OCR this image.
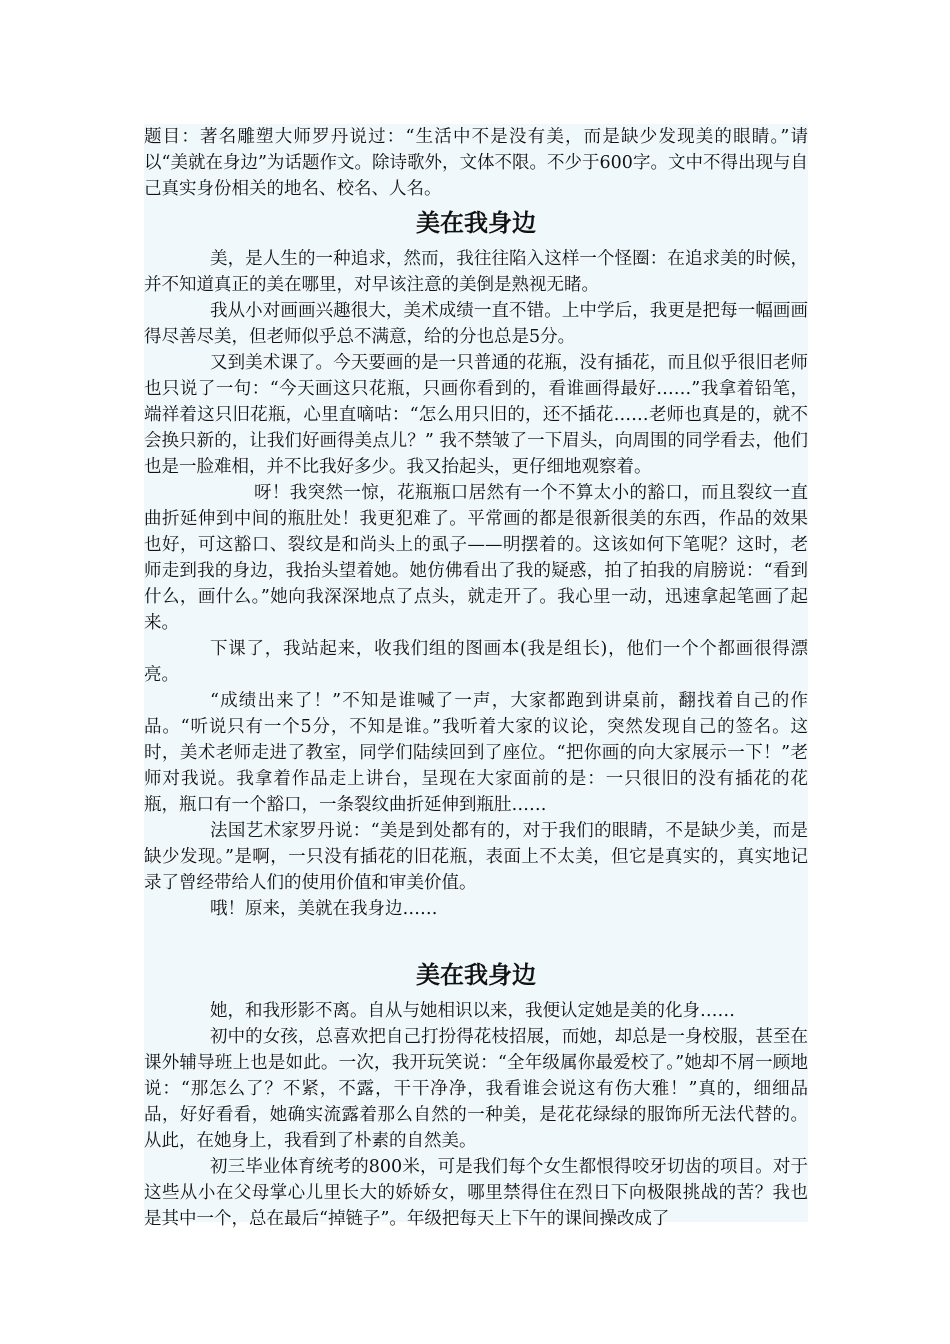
题目：著名雕塑大师罗丹说过：“生活中不是没有美，而是缺少发现美的眼睛。”请以“美就在身边”为话题作文。除诗歌外，文体不限。不少于600字。文中不得出现与自己真实身份相关的地名、校名、人名。

美在我身边

美，是人生的一种追求，然而，我往往陷入这样一个怪圈：在追求美的时候，并不知道真正的美在哪里，对早该注意的美倒是熟视无睹。

我从小对画画兴趣很大，美术成绩一直不错。上中学后，我更是把每一幅画画得尽善尽美，但老师似乎总不满意，给的分也总是5分。

又到美术课了。今天要画的是一只普通的花瓶，没有插花，而且似乎很旧老师也只说了一句：“今天画这只花瓶，只画你看到的，看谁画得最好……”我拿着铅笔，端祥着这只旧花瓶，心里直嘀咕：“怎么用只旧的，还不插花……老师也真是的，就不会换只新的，让我们好画得美点儿？” 我不禁皱了一下眉头，向周围的同学看去，他们也是一脸难相，并不比我好多少。我又抬起头，更仔细地观察着。

呀！我突然一惊，花瓶瓶口居然有一个不算太小的豁口，而且裂纹一直曲折延伸到中间的瓶肚处！我更犯难了。平常画的都是很新很美的东西，作品的效果也好，可这豁口、裂纹是和尚头上的虱子——明摆着的。这该如何下笔呢？这时，老师走到我的身边，我抬头望着她。她仿佛看出了我的疑惑，拍了拍我的肩膀说：“看到什么，画什么。”她向我深深地点了点头，就走开了。我心里一动，迅速拿起笔画了起来。

下课了，我站起来，收我们组的图画本(我是组长)，他们一个个都画很得漂亮。

“成绩出来了！”不知是谁喊了一声，大家都跑到讲桌前，翻找着自己的作品。“听说只有一个5分，不知是谁。”我听着大家的议论，突然发现自己的签名。这时，美术老师走进了教室，同学们陆续回到了座位。“把你画的向大家展示一下！”老师对我说。我拿着作品走上讲台，呈现在大家面前的是：一只很旧的没有插花的花瓶，瓶口有一个豁口，一条裂纹曲折延伸到瓶肚……

法国艺术家罗丹说：“美是到处都有的，对于我们的眼睛，不是缺少美，而是缺少发现。”是啊，一只没有插花的旧花瓶，表面上不太美，但它是真实的，真实地记录了曾经带给人们的使用价值和审美价值。

哦！原来，美就在我身边……

美在我身边

她，和我形影不离。自从与她相识以来，我便认定她是美的化身……

初中的女孩，总喜欢把自己打扮得花枝招展，而她，却总是一身校服，甚至在课外辅导班上也是如此。一次，我开玩笑说：“全年级属你最爱校了。”她却不屑一顾地说：“那怎么了？不紧，不露，干干净净，我看谁会说这有伤大雅！”真的，细细品品，好好看看，她确实流露着那么自然的一种美，是花花绿绿的服饰所无法代替的。从此，在她身上，我看到了朴素的自然美。

初三毕业体育统考的800米，可是我们每个女生都恨得咬牙切齿的项目。对于这些从小在父母掌心儿里长大的娇娇女，哪里禁得住在烈日下向极限挑战的苦？我也是其中一个，总在最后“掉链子”。年级把每天上下午的课间操改成了
